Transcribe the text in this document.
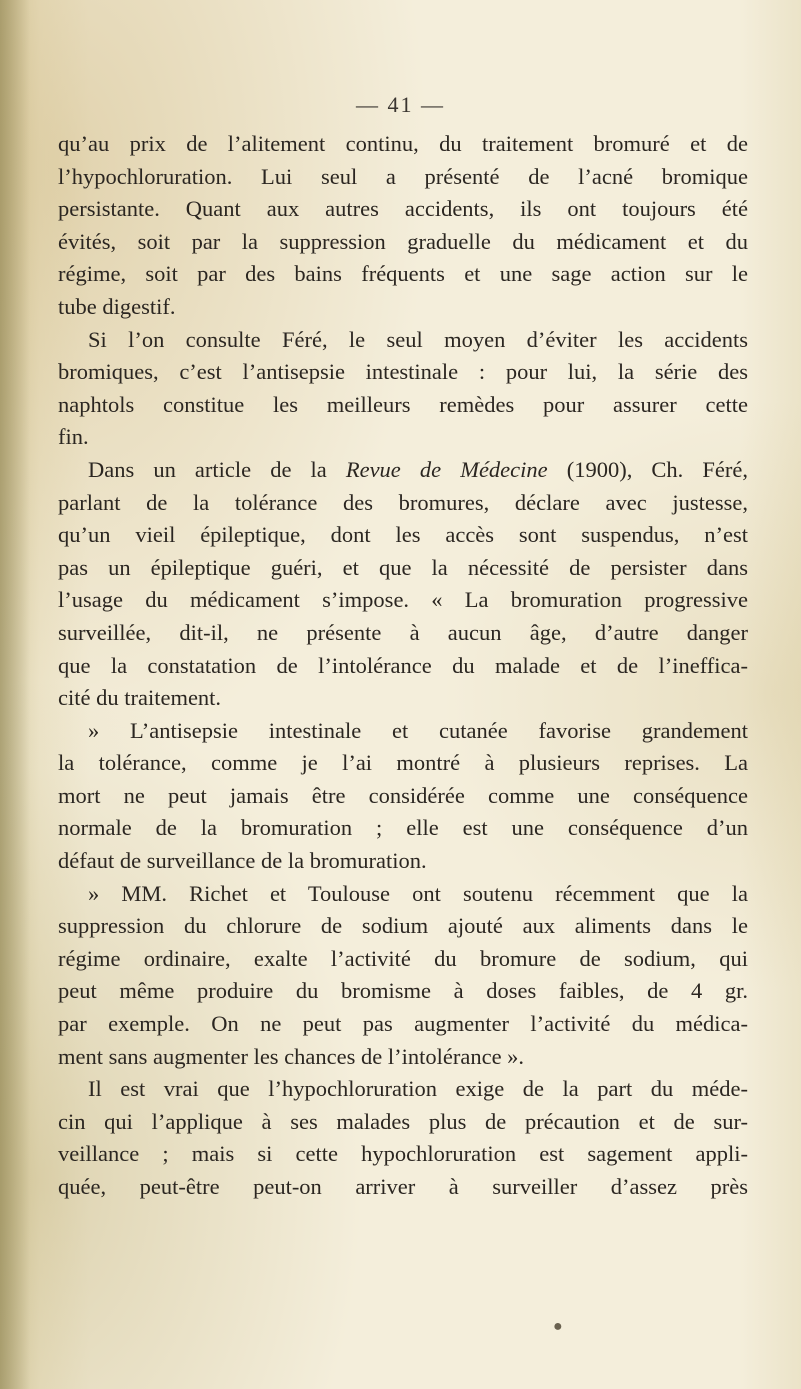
— 41 —
qu’au prix de l’alitement continu, du traitement bromuré et de
l’hypochloruration. Lui seul a présenté de l’acné bromique
persistante. Quant aux autres accidents, ils ont toujours été
évités, soit par la suppression graduelle du médicament et du
régime, soit par des bains fréquents et une sage action sur le
tube digestif.
Si l’on consulte Féré, le seul moyen d’éviter les accidents
bromiques, c’est l’antisepsie intestinale : pour lui, la série des
naphtols constitue les meilleurs remèdes pour assurer cette
fin.
Dans un article de la Revue de Médecine (1900), Ch. Féré,
parlant de la tolérance des bromures, déclare avec justesse,
qu’un vieil épileptique, dont les accès sont suspendus, n’est
pas un épileptique guéri, et que la nécessité de persister dans
l’usage du médicament s’impose. « La bromuration progressive
surveillée, dit-il, ne présente à aucun âge, d’autre danger
que la constatation de l’intolérance du malade et de l’ineffica-
cité du traitement.
» L’antisepsie intestinale et cutanée favorise grandement
la tolérance, comme je l’ai montré à plusieurs reprises. La
mort ne peut jamais être considérée comme une conséquence
normale de la bromuration ; elle est une conséquence d’un
défaut de surveillance de la bromuration.
» MM. Richet et Toulouse ont soutenu récemment que la
suppression du chlorure de sodium ajouté aux aliments dans le
régime ordinaire, exalte l’activité du bromure de sodium, qui
peut même produire du bromisme à doses faibles, de 4 gr.
par exemple. On ne peut pas augmenter l’activité du médica-
ment sans augmenter les chances de l’intolérance ».
Il est vrai que l’hypochloruration exige de la part du méde-
cin qui l’applique à ses malades plus de précaution et de sur-
veillance ; mais si cette hypochloruration est sagement appli-
quée, peut-être peut-on arriver à surveiller d’assez près
●
